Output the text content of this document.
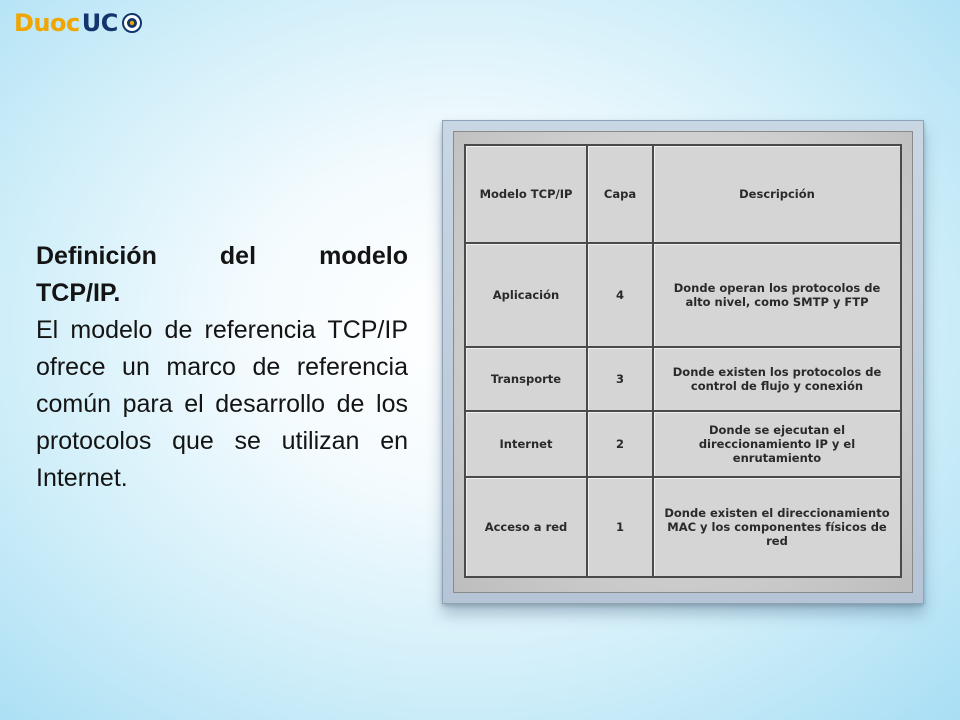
Duoc UC

Definición del modelo

TCP/IP.

El modelo de referencia TCP/IP ofrece un marco de referencia común para el desarrollo de los protocolos que se utilizan en Internet.

Modelo TCP/IP	Capa	Descripción
Aplicación	4	Donde operan los protocolos de alto nivel, como SMTP y FTP
Transporte	3	Donde existen los protocolos de control de flujo y conexión
Internet	2	Donde se ejecutan el direccionamiento IP y el enrutamiento
Acceso a red	1	Donde existen el direccionamiento MAC y los componentes físicos de red
